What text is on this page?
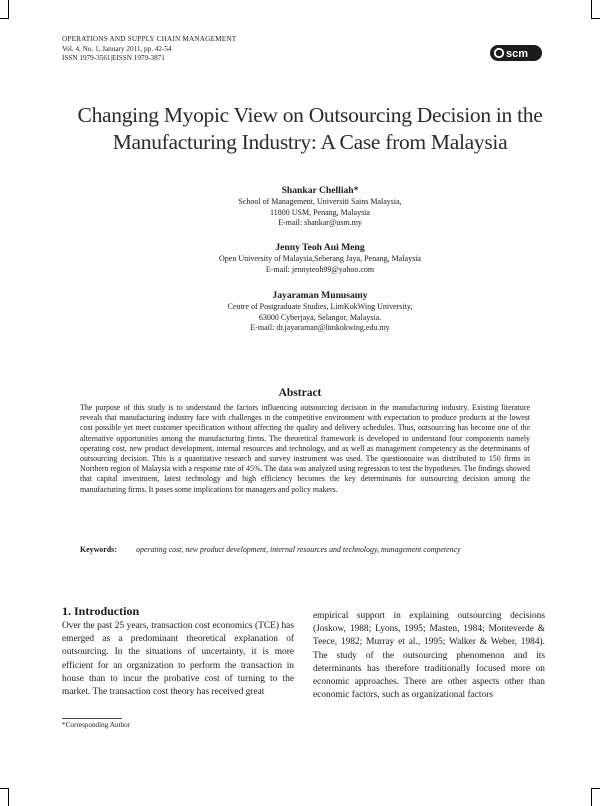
OPERATIONS AND SUPPLY CHAIN MANAGEMENT
Vol. 4, No. 1, January 2011, pp. 42-54
ISSN 1979-3561|EISSN 1979-3871	scm
Changing Myopic View on Outsourcing Decision in the
Manufacturing Industry: A Case from Malaysia
Shankar Chelliah*
School of Management, Universiti Sains Malaysia,
11800 USM, Penang, Malaysia
E-mail: shankar@usm.my
Jenny Teoh Aui Meng
Open University of Malaysia,Seberang Jaya, Penang, Malaysia
E-mail: jennyteoh99@yahoo.com
Jayaraman Munusamy
Centre of Postgraduate Studies, LimKokWing University,
63000 Cyberjaya, Selangor, Malaysia.
E-mail: dr.jayaraman@limkokwing.edu.my
Abstract
The purpose of this study is to understand the factors influencing outsourcing decision in the manufacturing industry. Existing literature reveals that manufacturing industry face with challenges in the competitive environment with expectation to produce products at the lowest cost possible yet meet customer specification without affecting the quality and delivery schedules. Thus, outsourcing has become one of the alternative opportunities among the manufacturing firms. The theoretical framework is developed to understand four components namely operating cost, new product development, internal resources and technology, and as well as management competency as the determinants of outsourcing decision. This is a quantitative research and survey instrument was used. The questionnaire was distributed to 150 firms in Northern region of Malaysia with a response rate of 45%. The data was analyzed using regression to test the hypotheses. The findings showed that capital investment, latest technology and high efficiency becomes the key determinants for outsourcing decision among the manufacturing firms. It poses some implications for managers and policy makers.
Keywords: operating cost, new product development, internal resources and technology, management competency
1. Introduction
Over the past 25 years, transaction cost economics (TCE) has emerged as a predominant theoretical explanation of outsourcing. In the situations of uncertainty, it is more efficient for an organization to perform the transaction in house than to incur the probative cost of turning to the market. The transaction cost theory has received great
empirical support in explaining outsourcing decisions (Joskow, 1988; Lyons, 1995; Masten, 1984; Monteverde & Teece, 1982; Murray et al., 1995; Walker & Weber, 1984). The study of the outsourcing phenomenon and its determinants has therefore traditionally focused more on economic approaches. There are other aspects other than economic factors, such as organizational factors
*Corresponding Author
